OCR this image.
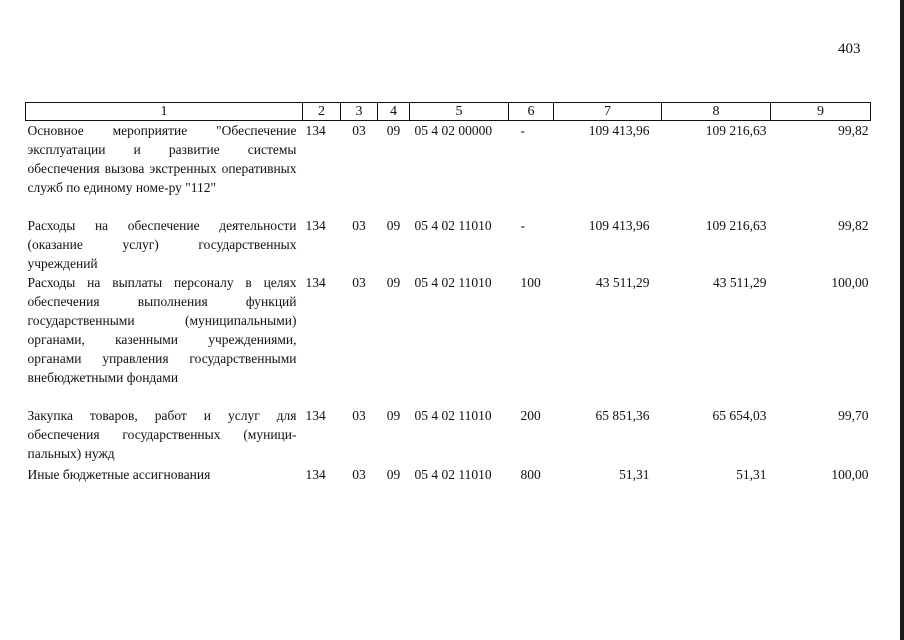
403
1	2	3	4	5	6	7	8	9
Основное мероприятие "Обеспечение эксплуатации и развитие системы обеспечения вызова экстренных оперативных служб по единому номе-ру "112"	134	03	09	05 4 02 00000	-	109 413,96	109 216,63	99,82
Расходы на обеспечение деятельности (оказание услуг) государственных учреждений	134	03	09	05 4 02 11010	-	109 413,96	109 216,63	99,82
Расходы на выплаты персоналу в целях обеспечения выполнения функций государственными (муниципальными) органами, казенными учреждениями, органами управления государственными внебюджетными фондами	134	03	09	05 4 02 11010	100	43 511,29	43 511,29	100,00
Закупка товаров, работ и услуг для обеспечения государственных (муници-пальных) нужд	134	03	09	05 4 02 11010	200	65 851,36	65 654,03	99,70
Иные бюджетные ассигнования	134	03	09	05 4 02 11010	800	51,31	51,31	100,00
